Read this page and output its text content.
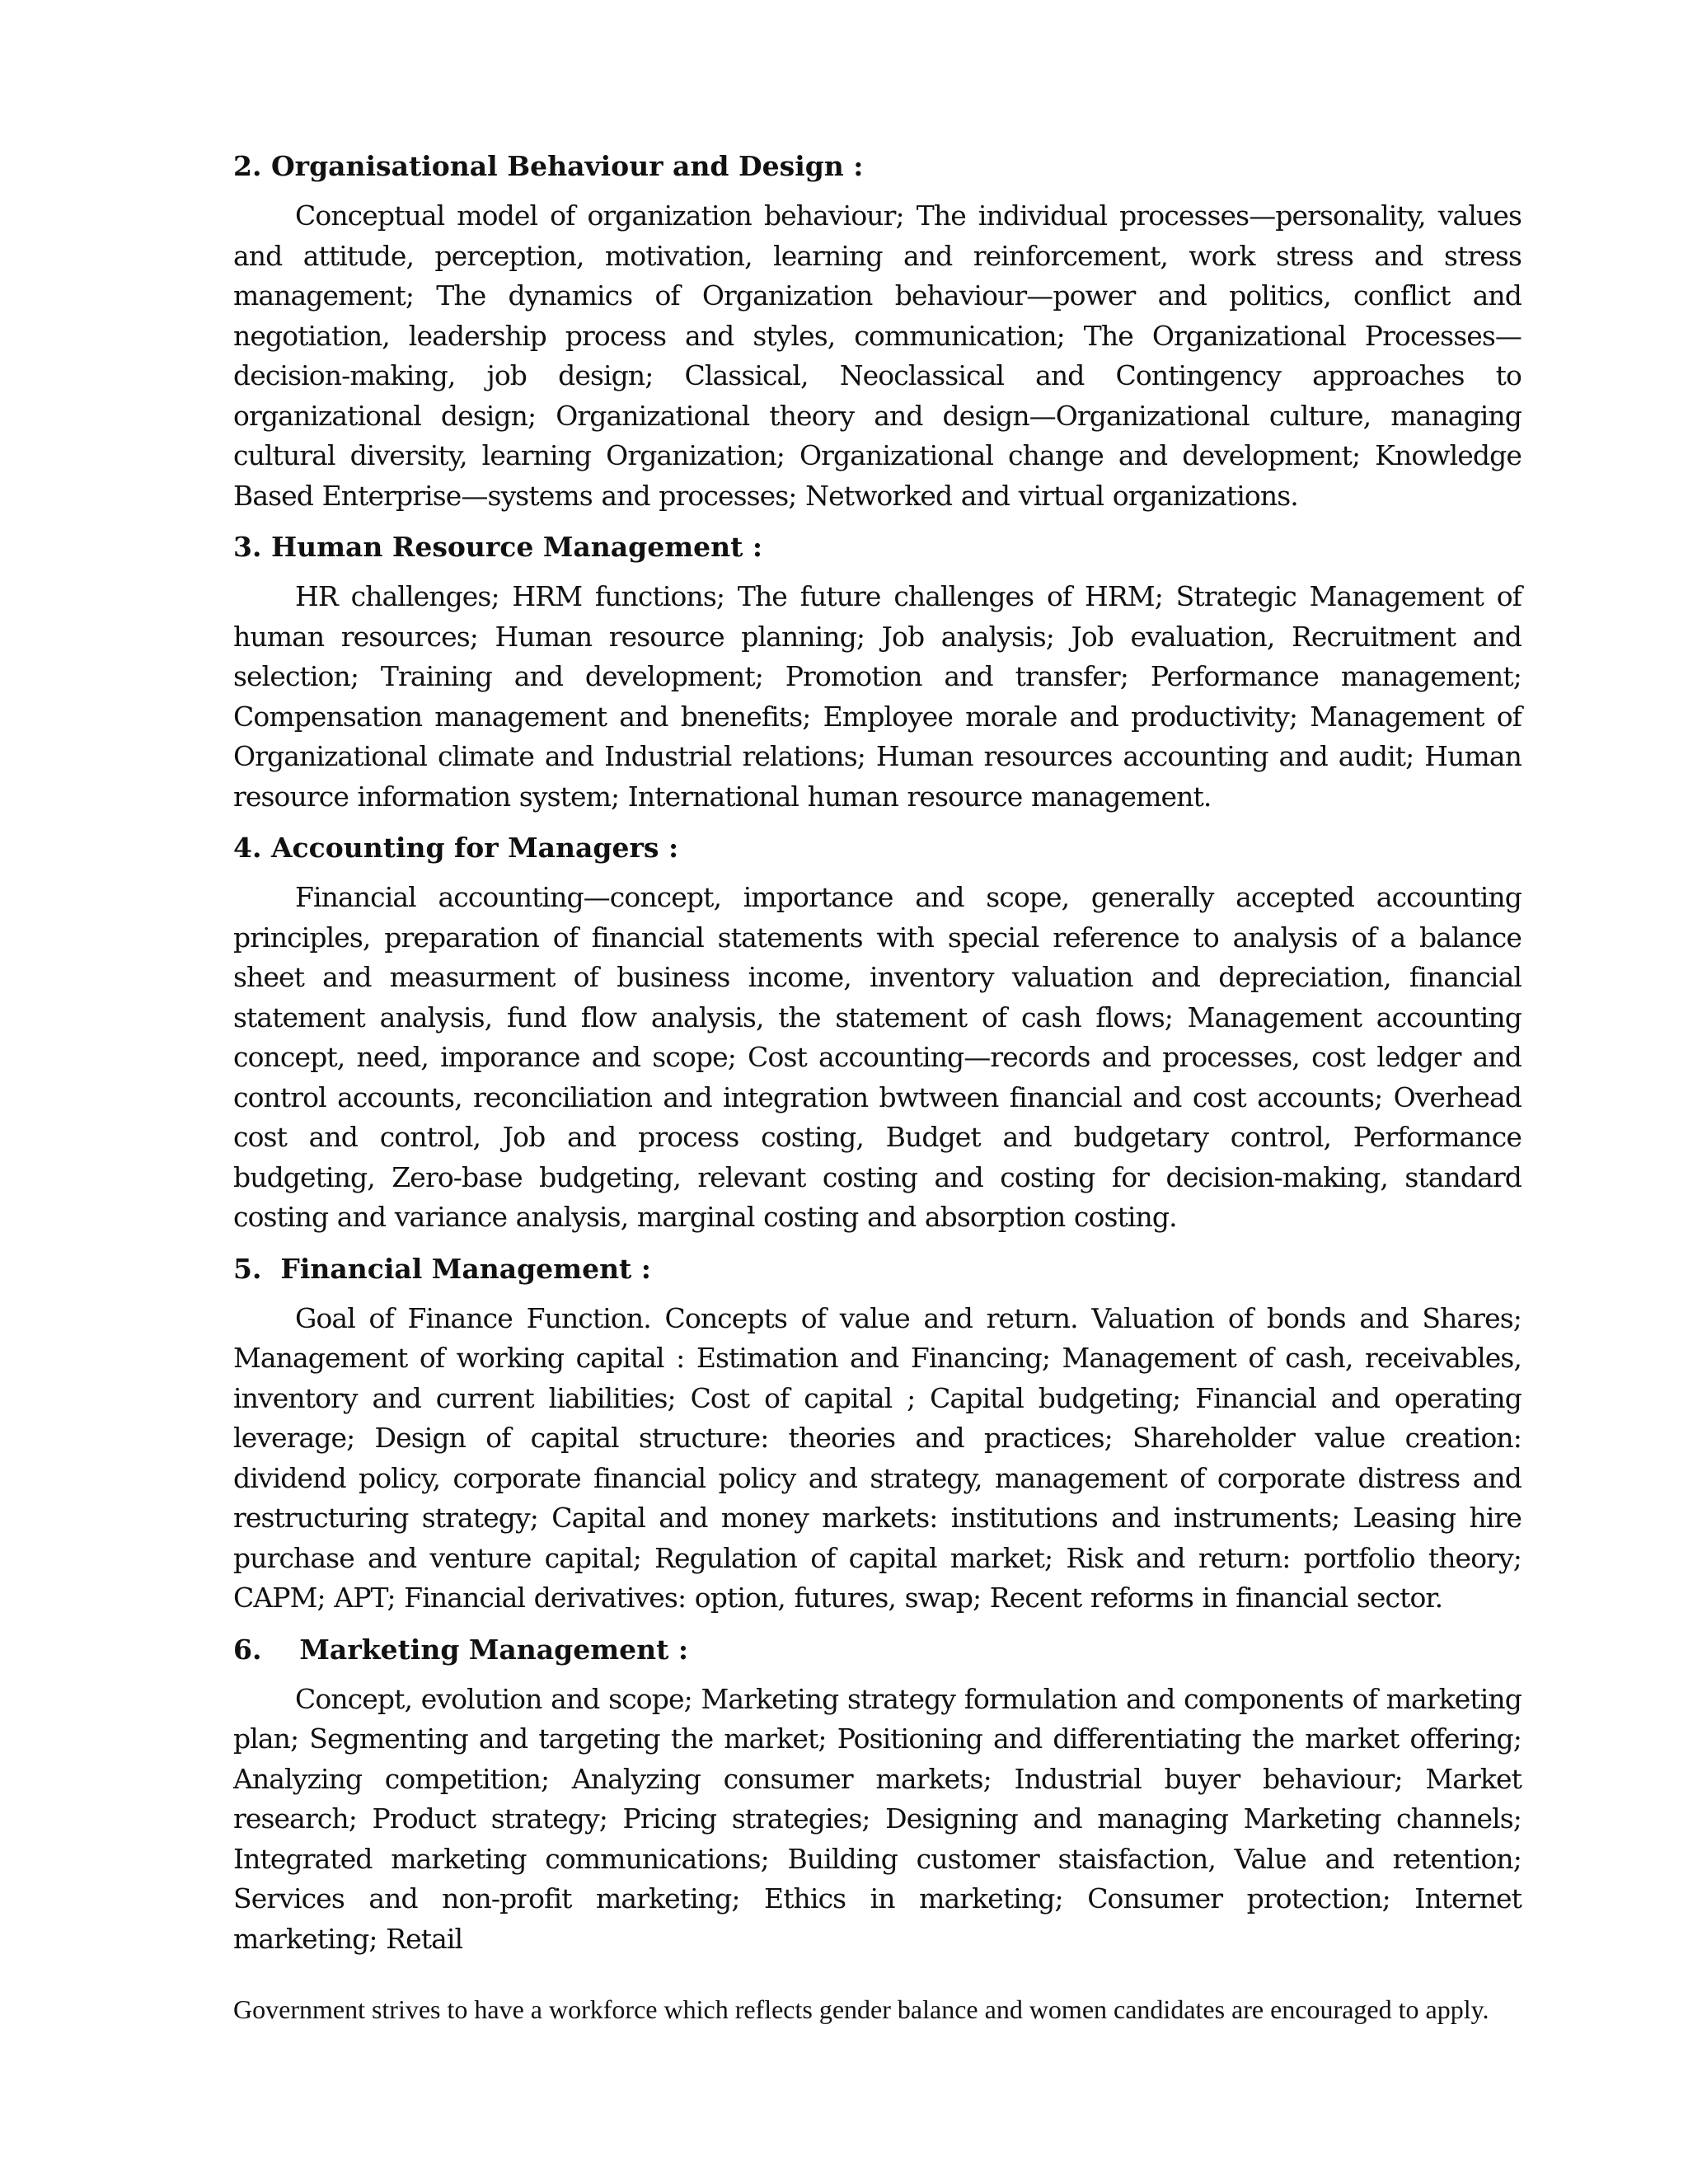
2. Organisational Behaviour and Design :

Conceptual model of organization behaviour; The individual processes—personality, values and attitude, perception, motivation, learning and reinforcement, work stress and stress management; The dynamics of Organization behaviour—power and politics, conflict and negotiation, leadership process and styles, communication; The Organizational Processes—decision-making, job design; Classical, Neoclassical and Contingency approaches to organizational design; Organizational theory and design—Organizational culture, managing cultural diversity, learning Organization; Organizational change and development; Knowledge Based Enterprise—systems and processes; Networked and virtual organizations.

3. Human Resource Management :

HR challenges; HRM functions; The future challenges of HRM; Strategic Management of human resources; Human resource planning; Job analysis; Job evaluation, Recruitment and selection; Training and development; Promotion and transfer; Performance management; Compensation management and bnenefits; Employee morale and productivity; Management of Organizational climate and Industrial relations; Human resources accounting and audit; Human resource information system; International human resource management.

4. Accounting for Managers :

Financial accounting—concept, importance and scope, generally accepted accounting principles, preparation of financial statements with special reference to analysis of a balance sheet and measurment of business income, inventory valuation and depreciation, financial statement analysis, fund flow analysis, the statement of cash flows; Management accounting concept, need, imporance and scope; Cost accounting—records and processes, cost ledger and control accounts, reconciliation and integration bwtween financial and cost accounts; Overhead cost and control, Job and process costing, Budget and budgetary control, Performance budgeting, Zero-base budgeting, relevant costing and costing for decision-making, standard costing and variance analysis, marginal costing and absorption costing.

5.  Financial Management :

Goal of Finance Function. Concepts of value and return. Valuation of bonds and Shares; Management of working capital : Estimation and Financing; Management of cash, receivables, inventory and current liabilities; Cost of capital ; Capital budgeting; Financial and operating leverage; Design of capital structure: theories and practices; Shareholder value creation: dividend policy, corporate financial policy and strategy, management of corporate distress and restructuring strategy; Capital and money markets: institutions and instruments; Leasing hire purchase and venture capital; Regulation of capital market; Risk and return: portfolio theory; CAPM; APT; Financial derivatives: option, futures, swap; Recent reforms in financial sector.

6.    Marketing Management :

Concept, evolution and scope; Marketing strategy formulation and components of marketing plan; Segmenting and targeting the market; Positioning and differentiating the market offering; Analyzing competition; Analyzing consumer markets; Industrial buyer behaviour; Market research; Product strategy; Pricing strategies; Designing and managing Marketing channels; Integrated marketing communications; Building customer staisfaction, Value and retention; Services and non-profit marketing; Ethics in marketing; Consumer protection; Internet marketing; Retail

Government strives to have a workforce which reflects gender balance and women candidates are encouraged to apply.
